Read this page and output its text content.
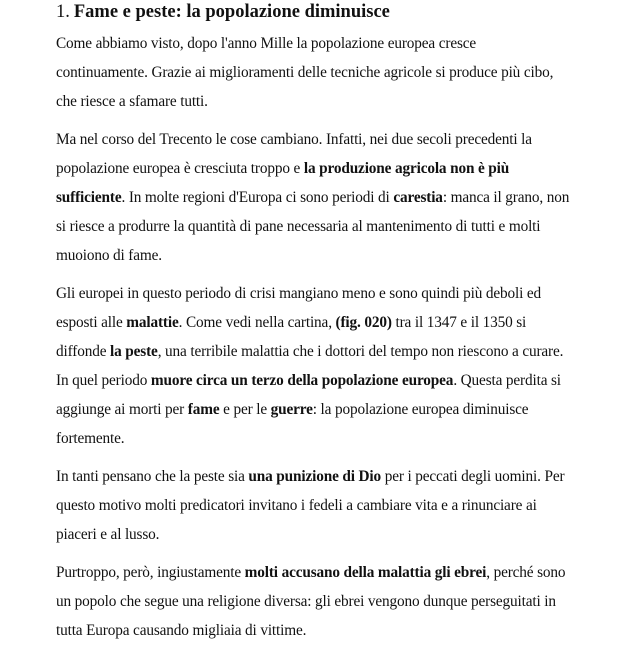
1. Fame e peste: la popolazione diminuisce

Come abbiamo visto, dopo l'anno Mille la popolazione europea cresce
continuamente. Grazie ai miglioramenti delle tecniche agricole si produce più cibo,
che riesce a sfamare tutti.

Ma nel corso del Trecento le cose cambiano. Infatti, nei due secoli precedenti la
popolazione europea è cresciuta troppo e la produzione agricola non è più
sufficiente. In molte regioni d'Europa ci sono periodi di carestia: manca il grano, non
si riesce a produrre la quantità di pane necessaria al mantenimento di tutti e molti
muoiono di fame.

Gli europei in questo periodo di crisi mangiano meno e sono quindi più deboli ed
esposti alle malattie. Come vedi nella cartina, (fig. 020) tra il 1347 e il 1350 si
diffonde la peste, una terribile malattia che i dottori del tempo non riescono a curare.
In quel periodo muore circa un terzo della popolazione europea. Questa perdita si
aggiunge ai morti per fame e per le guerre: la popolazione europea diminuisce
fortemente.

In tanti pensano che la peste sia una punizione di Dio per i peccati degli uomini. Per
questo motivo molti predicatori invitano i fedeli a cambiare vita e a rinunciare ai
piaceri e al lusso.

Purtroppo, però, ingiustamente molti accusano della malattia gli ebrei, perché sono
un popolo che segue una religione diversa: gli ebrei vengono dunque perseguitati in
tutta Europa causando migliaia di vittime.
